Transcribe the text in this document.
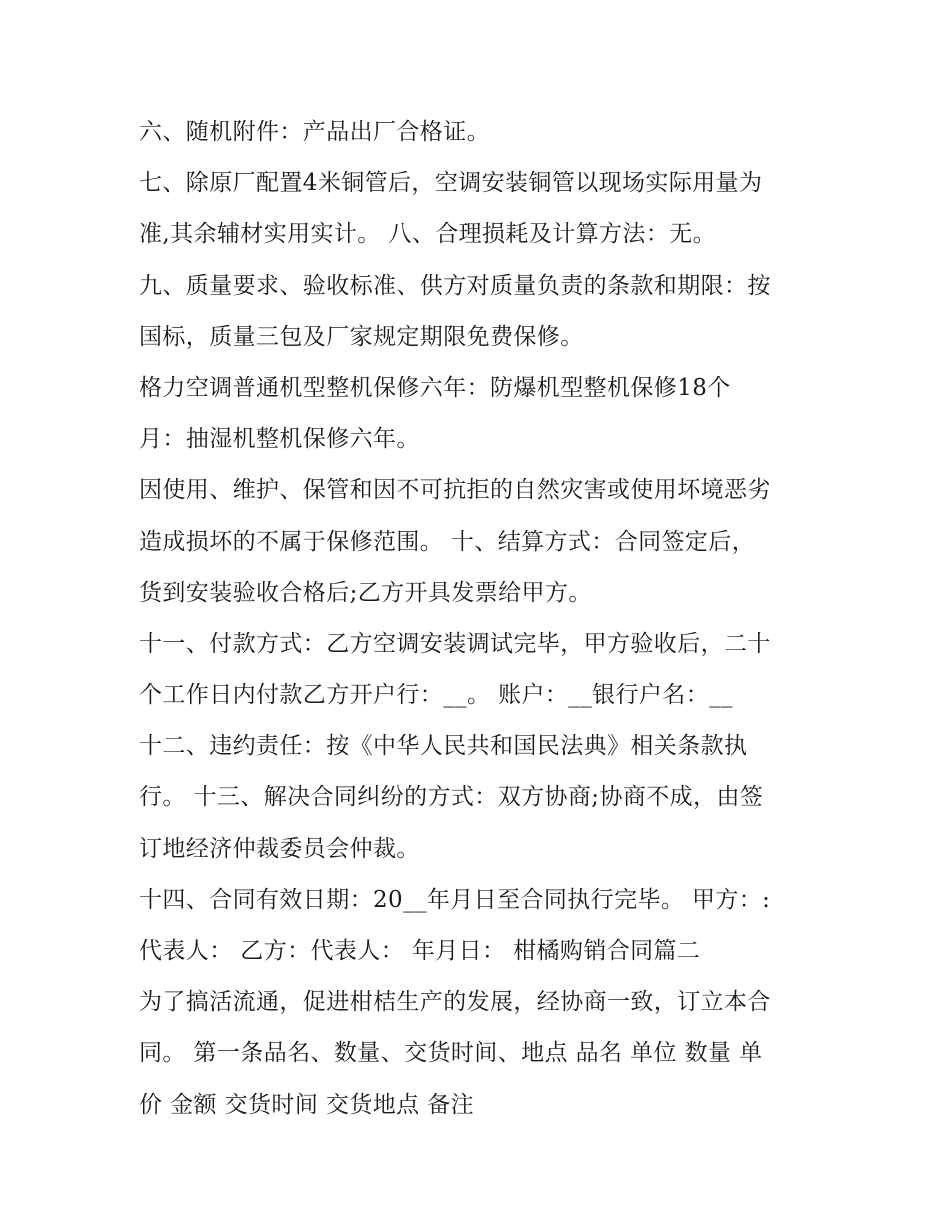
六、随机附件：产品出厂合格证。
七、除原厂配置4米铜管后，空调安装铜管以现场实际用量为
准,其余辅材实用实计。 八、合理损耗及计算方法：无。
九、质量要求、验收标准、供方对质量负责的条款和期限：按
国标，质量三包及厂家规定期限免费保修。
格力空调普通机型整机保修六年：防爆机型整机保修18个
月：抽湿机整机保修六年。
因使用、维护、保管和因不可抗拒的自然灾害或使用坏境恶劣
造成损坏的不属于保修范围。 十、结算方式：合同签定后，
货到安装验收合格后;乙方开具发票给甲方。
十一、付款方式：乙方空调安装调试完毕，甲方验收后，二十
个工作日内付款乙方开户行：__。 账户：__银行户名：__
十二、违约责任：按《中华人民共和国民法典》相关条款执
行。 十三、解决合同纠纷的方式：双方协商;协商不成，由签
订地经济仲裁委员会仲裁。
十四、合同有效日期：20__年月日至合同执行完毕。 甲方：:
代表人： 乙方：代表人： 年月日： 柑橘购销合同篇二
为了搞活流通，促进柑桔生产的发展，经协商一致，订立本合
同。 第一条品名、数量、交货时间、地点 品名 单位 数量 单
价 金额 交货时间 交货地点 备注
